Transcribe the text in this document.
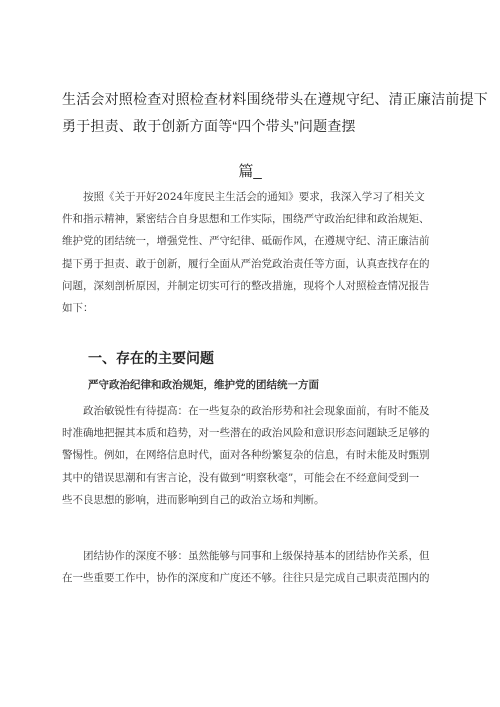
生活会对照检查对照检查材料围绕带头在遵规守纪、清正廉洁前提下
勇于担责、敢于创新方面等“四个带头”问题查摆
篇_
按照《关于开好2024年度民主生活会的通知》要求，我深入学习了相关文
件和指示精神，紧密结合自身思想和工作实际，围绕严守政治纪律和政治规矩、
维护党的团结统一，增强党性、严守纪律、砥砺作风，在遵规守纪、清正廉洁前
提下勇于担责、敢于创新，履行全面从严治党政治责任等方面，认真查找存在的
问题，深刻剖析原因，并制定切实可行的整改措施，现将个人对照检查情况报告
如下：
一、存在的主要问题
严守政治纪律和政治规矩，维护党的团结统一方面
政治敏锐性有待提高：在一些复杂的政治形势和社会现象面前，有时不能及
时准确地把握其本质和趋势，对一些潜在的政治风险和意识形态问题缺乏足够的
警惕性。例如，在网络信息时代，面对各种纷繁复杂的信息，有时未能及时甄别
其中的错误思潮和有害言论，没有做到“明察秋毫”，可能会在不经意间受到一
些不良思想的影响，进而影响到自己的政治立场和判断。
团结协作的深度不够：虽然能够与同事和上级保持基本的团结协作关系，但
在一些重要工作中，协作的深度和广度还不够。往往只是完成自己职责范围内的
